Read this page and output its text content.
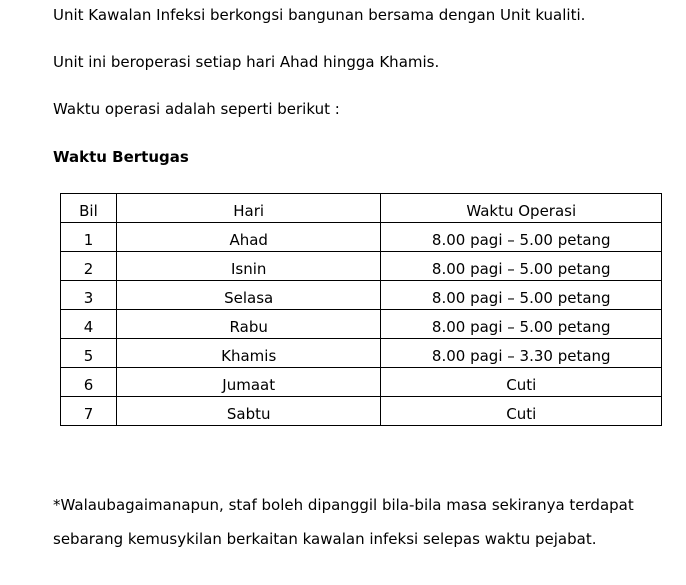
Unit Kawalan Infeksi berkongsi bangunan bersama dengan Unit kualiti.

Unit ini beroperasi setiap hari Ahad hingga Khamis.

Waktu operasi adalah seperti berikut :

Waktu Bertugas
Bil	Hari	Waktu Operasi
1	Ahad	8.00 pagi – 5.00 petang
2	Isnin	8.00 pagi – 5.00 petang
3	Selasa	8.00 pagi – 5.00 petang
4	Rabu	8.00 pagi – 5.00 petang
5	Khamis	8.00 pagi – 3.30 petang
6	Jumaat	Cuti
7	Sabtu	Cuti

*Walaubagaimanapun, staf boleh dipanggil bila-bila masa sekiranya terdapat

sebarang kemusykilan berkaitan kawalan infeksi selepas waktu pejabat.
